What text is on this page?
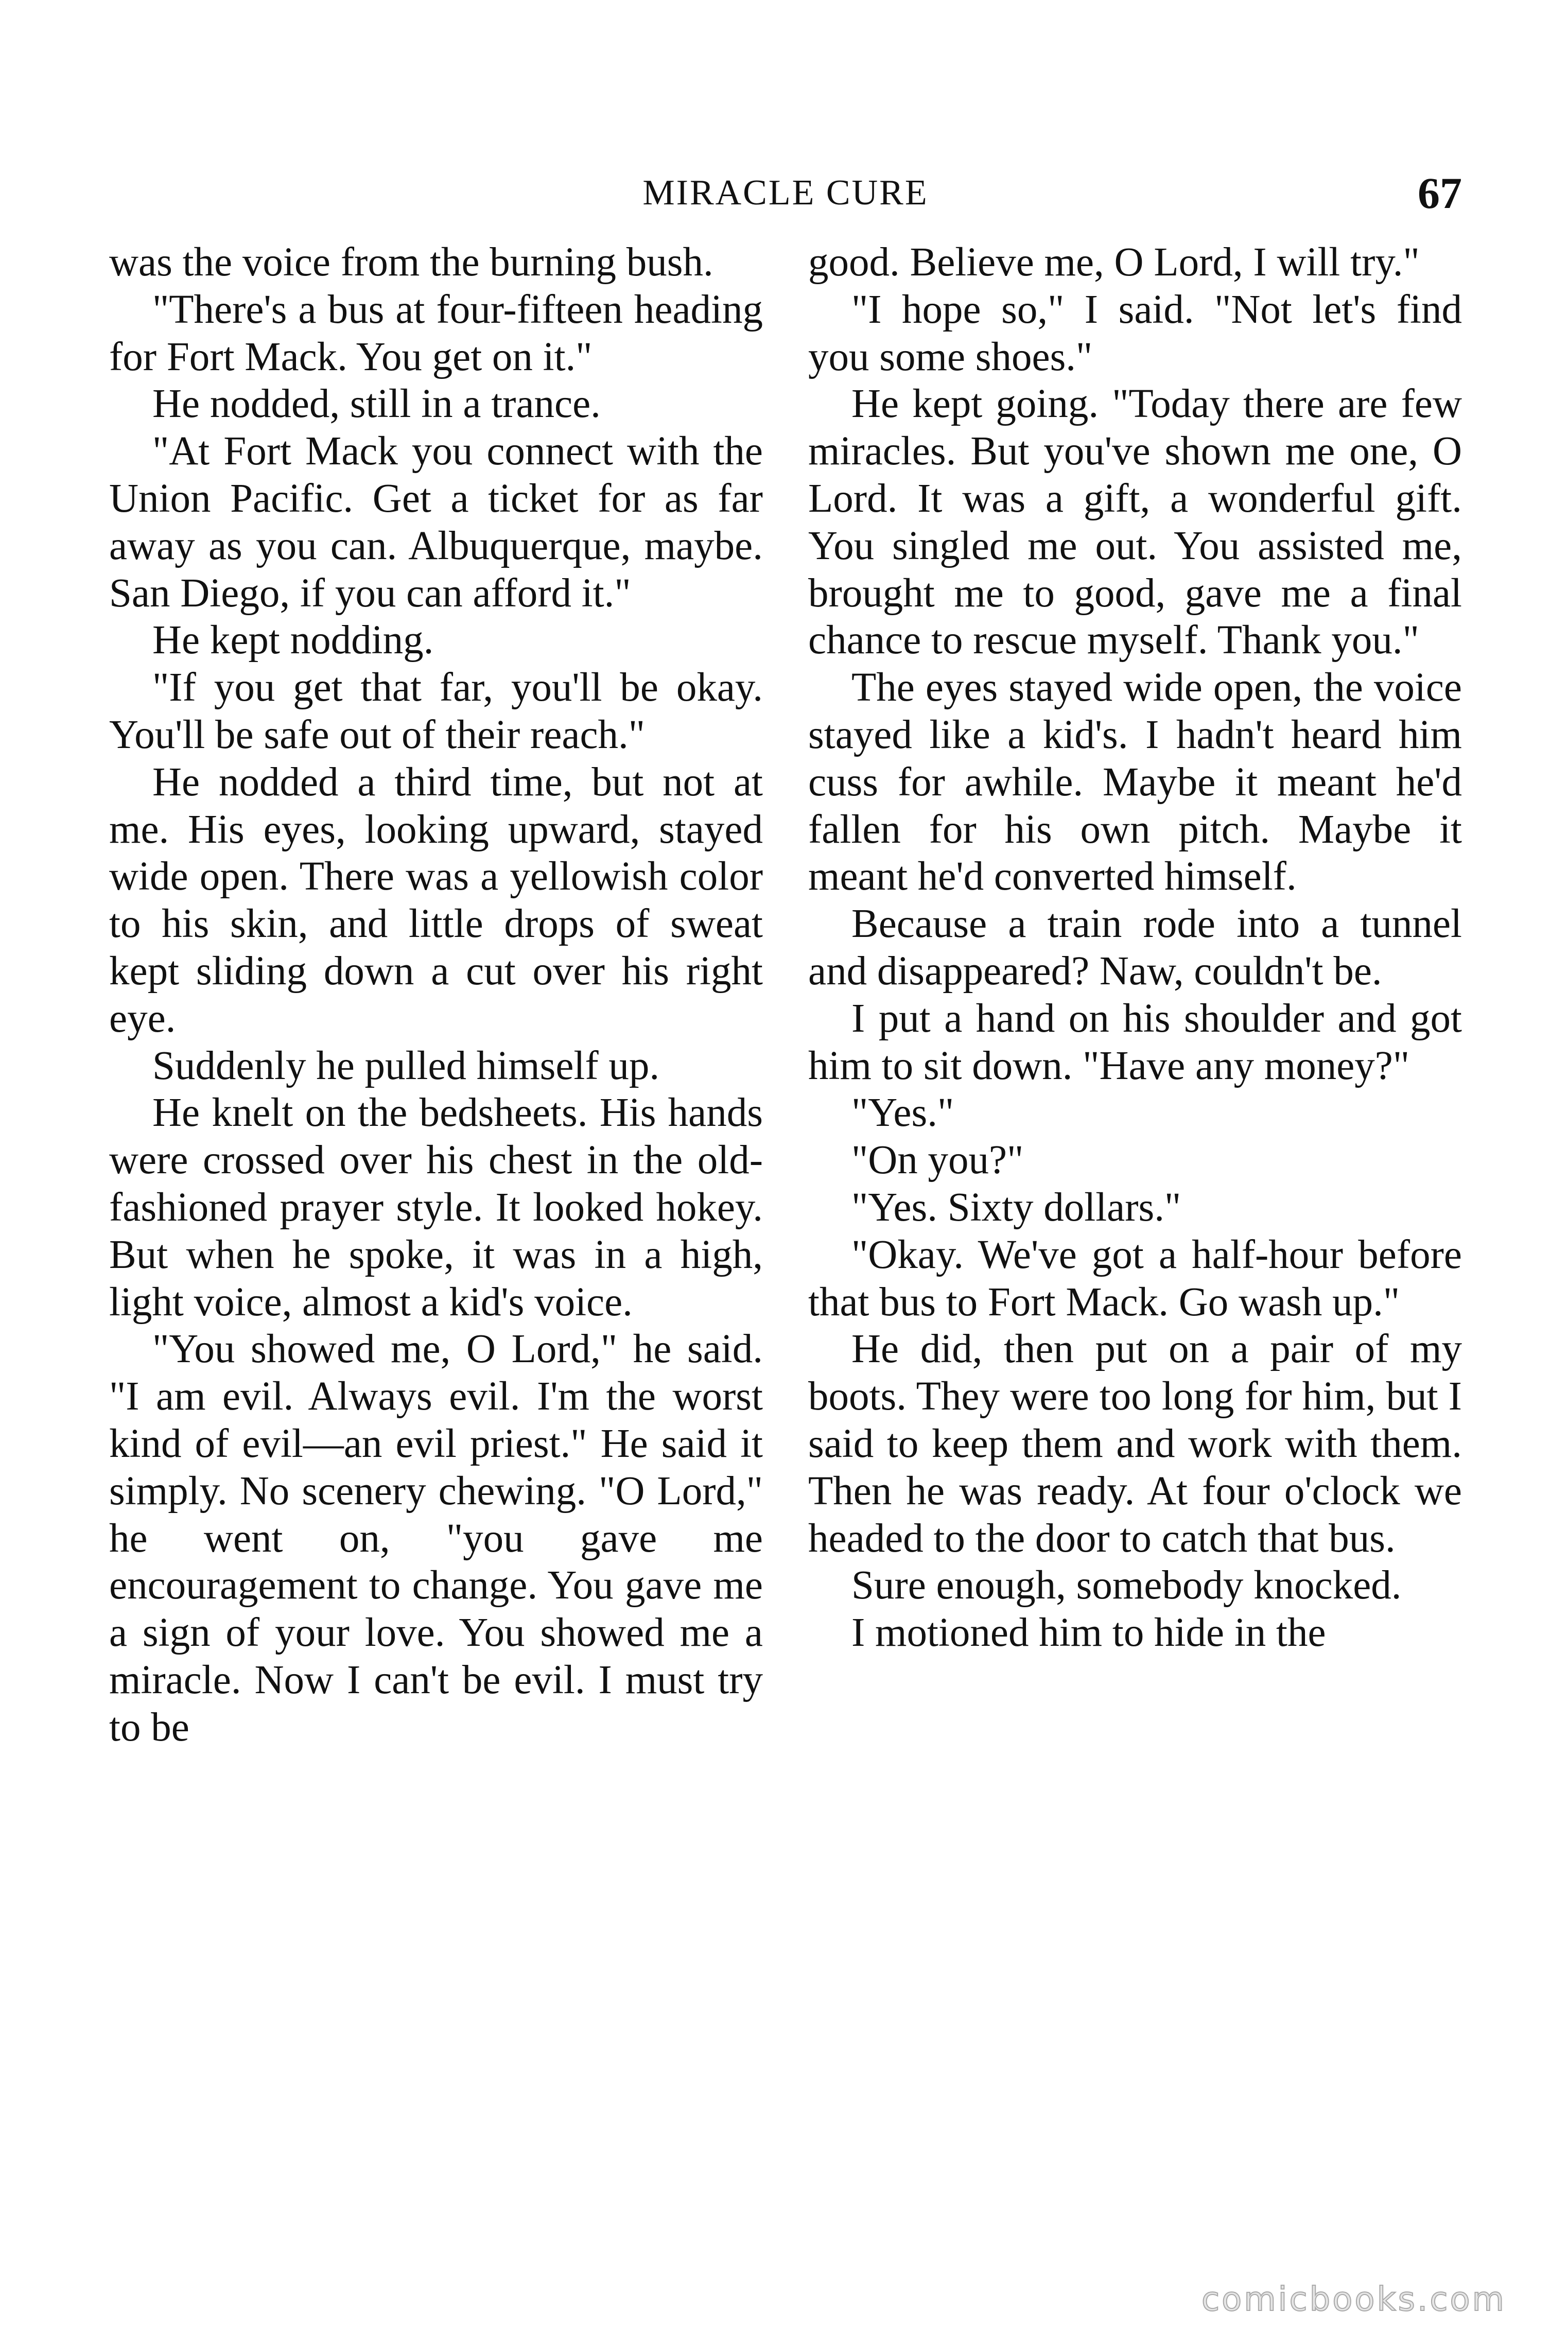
MIRACLE CURE	67

was the voice from the burning bush.

"There's a bus at four-fifteen heading for Fort Mack. You get on it."

He nodded, still in a trance.

"At Fort Mack you connect with the Union Pacific. Get a ticket for as far away as you can. Albuquerque, maybe. San Diego, if you can afford it."

He kept nodding.

"If you get that far, you'll be okay. You'll be safe out of their reach."

He nodded a third time, but not at me. His eyes, looking upward, stayed wide open. There was a yellowish color to his skin, and little drops of sweat kept sliding down a cut over his right eye.

Suddenly he pulled himself up.

He knelt on the bedsheets. His hands were crossed over his chest in the old-fashioned prayer style. It looked hokey. But when he spoke, it was in a high, light voice, almost a kid's voice.

"You showed me, O Lord," he said. "I am evil. Always evil. I'm the worst kind of evil—an evil priest." He said it simply. No scenery chewing. "O Lord," he went on, "you gave me encouragement to change. You gave me a sign of your love. You showed me a miracle. Now I can't be evil. I must try to be

good. Believe me, O Lord, I will try."

"I hope so," I said. "Not let's find you some shoes."

He kept going. "Today there are few miracles. But you've shown me one, O Lord. It was a gift, a wonderful gift. You singled me out. You assisted me, brought me to good, gave me a final chance to rescue myself. Thank you."

The eyes stayed wide open, the voice stayed like a kid's. I hadn't heard him cuss for awhile. Maybe it meant he'd fallen for his own pitch. Maybe it meant he'd converted himself.

Because a train rode into a tunnel and disappeared? Naw, couldn't be.

I put a hand on his shoulder and got him to sit down. "Have any money?"

"Yes."

"On you?"

"Yes. Sixty dollars."

"Okay. We've got a half-hour before that bus to Fort Mack. Go wash up."

He did, then put on a pair of my boots. They were too long for him, but I said to keep them and work with them. Then he was ready. At four o'clock we headed to the door to catch that bus.

Sure enough, somebody knocked.

I motioned him to hide in the

comicbooks.com
